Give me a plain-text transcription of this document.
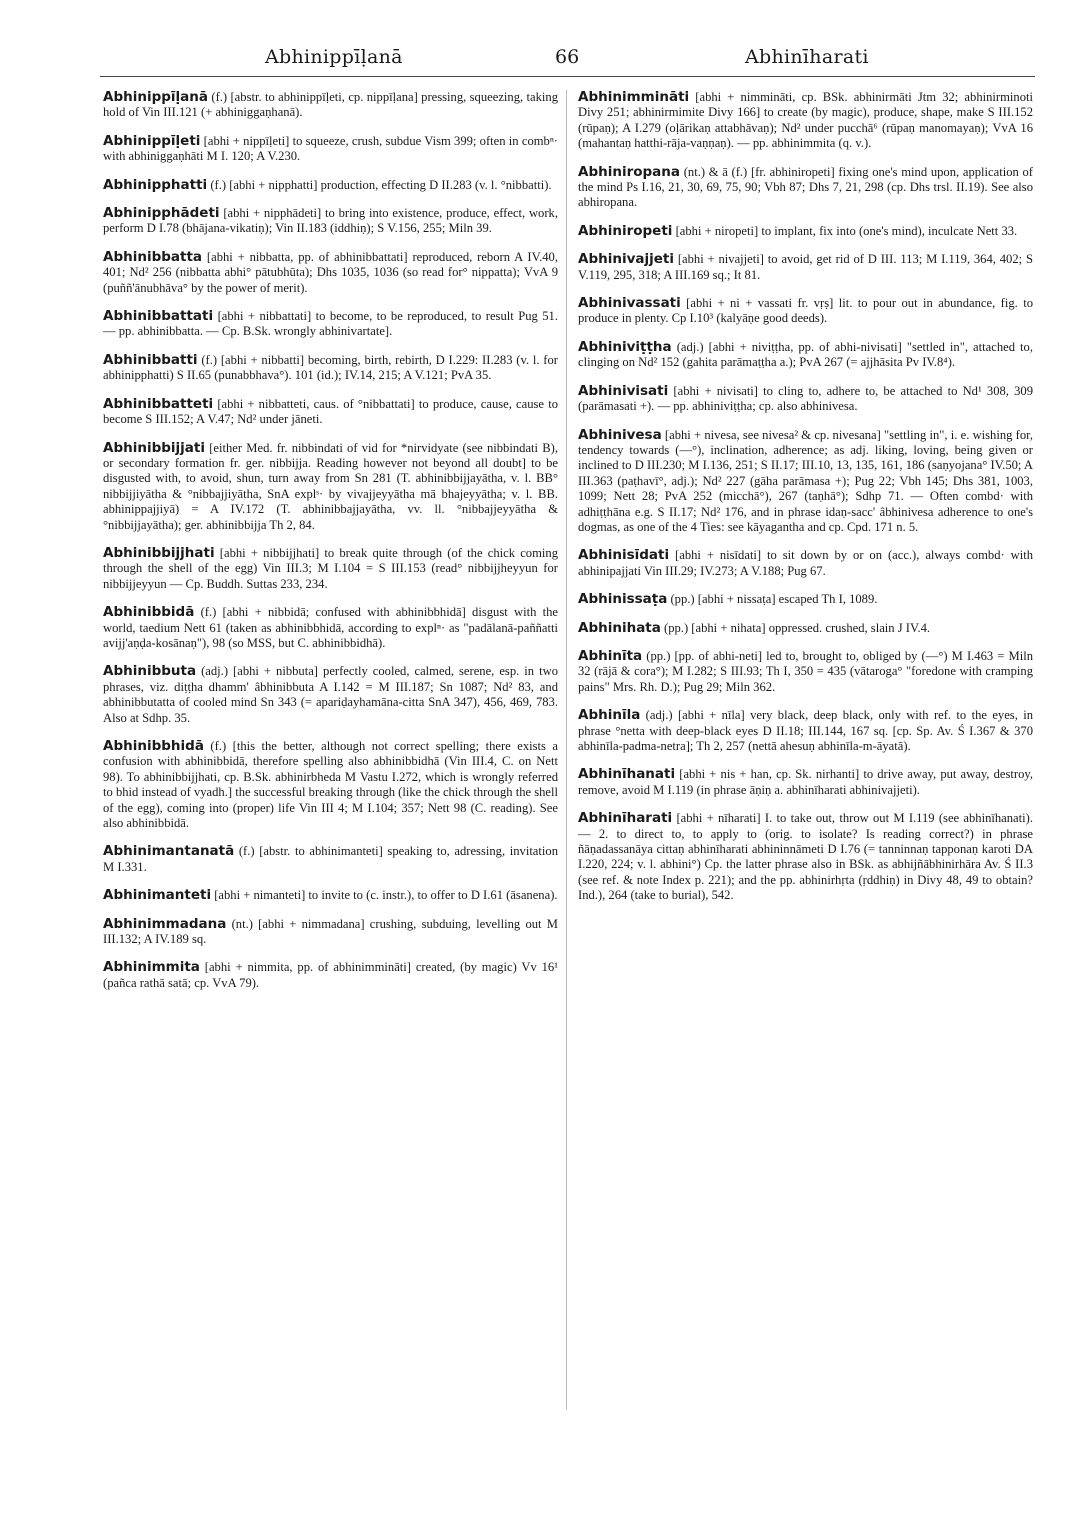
Abhinippīḷanā	66	Abhinīharati

Abhinippīḷanā (f.) [abstr. to abhinippīḷeti, cp. nippīḷana] pressing, squeezing, taking hold of Vin III.121 (+ abhiniggaṇhanā).

Abhinippīḷeti [abhi + nippīḷeti] to squeeze, crush, subdue Vism 399; often in combⁿ· with abhiniggaṇhāti M I. 120; A V.230.

Abhinipphatti (f.) [abhi + nipphatti] production, effecting D II.283 (v. l. °nibbatti).

Abhinipphādeti [abhi + nipphādeti] to bring into existence, produce, effect, work, perform D I.78 (bhājana-vikatiṇ); Vin II.183 (iddhiṇ); S V.156, 255; Miln 39.

Abhinibbatta [abhi + nibbatta, pp. of abhinibbattati] reproduced, reborn A IV.40, 401; Nd² 256 (nibbatta abhi° pātubhūta); Dhs 1035, 1036 (so read for° nippatta); VvA 9 (puññ'ānubhāva° by the power of merit).

Abhinibbattati [abhi + nibbattati] to become, to be reproduced, to result Pug 51. — pp. abhinibbatta. — Cp. B.Sk. wrongly abhinivartate].

Abhinibbatti (f.) [abhi + nibbatti] becoming, birth, rebirth, D I.229: II.283 (v. l. for abhinipphatti) S II.65 (punabbhava°). 101 (id.); IV.14, 215; A V.121; PvA 35.

Abhinibbatteti [abhi + nibbatteti, caus. of °nibbattati] to produce, cause, cause to become S III.152; A V.47; Nd² under jāneti.

Abhinibbijjati [either Med. fr. nibbindati of vid for *nirvidyate (see nibbindati B), or secondary formation fr. ger. nibbijja. Reading however not beyond all doubt] to be disgusted with, to avoid, shun, turn away from Sn 281 (T. abhinibbijjayātha, v. l. BB° nibbijjiyātha & °nibbajjiyātha, SnA explˢ· by vivajjeyyātha mā bhajeyyātha; v. l. BB. abhinippajjiyā) = A IV.172 (T. abhinibbajjayātha, vv. ll. °nibbajjeyyātha & °nibbijjayātha); ger. abhinibbijja Th 2, 84.

Abhinibbijjhati [abhi + nibbijjhati] to break quite through (of the chick coming through the shell of the egg) Vin III.3; M I.104 = S III.153 (read° nibbijjheyyun for nibbijjeyyun — Cp. Buddh. Suttas 233, 234.

Abhinibbidā (f.) [abhi + nibbidā; confused with abhinibbhidā] disgust with the world, taedium Nett 61 (taken as abhinibbhidā, according to explⁿ· as "padālanā-paññatti avijj'aṇḍa-kosānaṇ"), 98 (so MSS, but C. abhinibbidhā).

Abhinibbuta (adj.) [abhi + nibbuta] perfectly cooled, calmed, serene, esp. in two phrases, viz. diṭṭha dhamm' âbhinibbuta A I.142 = M III.187; Sn 1087; Nd² 83, and abhinibbutatta of cooled mind Sn 343 (= apariḍayhamāna-citta SnA 347), 456, 469, 783. Also at Sdhp. 35.

Abhinibbhidā (f.) [this the better, although not correct spelling; there exists a confusion with abhinibbidā, therefore spelling also abhinibbidhā (Vin III.4, C. on Nett 98). To abhinibbijjhati, cp. B.Sk. abhinirbheda M Vastu I.272, which is wrongly referred to bhid instead of vyadh.] the successful breaking through (like the chick through the shell of the egg), coming into (proper) life Vin III 4; M I.104; 357; Nett 98 (C. reading). See also abhinibbidā.

Abhinimantanatā (f.) [abstr. to abhinimanteti] speaking to, adressing, invitation M I.331.

Abhinimanteti [abhi + nimanteti] to invite to (c. instr.), to offer to D I.61 (āsanena).

Abhinimmadana (nt.) [abhi + nimmadana] crushing, subduing, levelling out M III.132; A IV.189 sq.

Abhinimmita [abhi + nimmita, pp. of abhinimmināti] created, (by magic) Vv 16¹ (pañca rathā satā; cp. VvA 79).

Abhinimmināti [abhi + nimmināti, cp. BSk. abhinirmāti Jtm 32; abhinirminoti Divy 251; abhinirmimite Divy 166] to create (by magic), produce, shape, make S III.152 (rūpaṇ); A I.279 (oḷārikaṇ attabhāvaṇ); Nd² under pucchā⁶ (rūpaṇ manomayaṇ); VvA 16 (mahantaṇ hatthi-rāja-vaṇṇaṇ). — pp. abhinimmita (q. v.).

Abhiniropana (nt.) & ā (f.) [fr. abhiniropeti] fixing one's mind upon, application of the mind Ps I.16, 21, 30, 69, 75, 90; Vbh 87; Dhs 7, 21, 298 (cp. Dhs trsl. II.19). See also abhiropana.

Abhiniropeti [abhi + niropeti] to implant, fix into (one's mind), inculcate Nett 33.

Abhinivajjeti [abhi + nivajjeti] to avoid, get rid of D III. 113; M I.119, 364, 402; S V.119, 295, 318; A III.169 sq.; It 81.

Abhinivassati [abhi + ni + vassati fr. vṛṣ] lit. to pour out in abundance, fig. to produce in plenty. Cp I.10³ (kalyāṇe good deeds).

Abhiniviṭṭha (adj.) [abhi + niviṭṭha, pp. of abhi-nivisati] "settled in", attached to, clinging on Nd² 152 (gahita parāmaṭṭha a.); PvA 267 (= ajjhāsita Pv IV.8⁴).

Abhinivisati [abhi + nivisati] to cling to, adhere to, be attached to Nd¹ 308, 309 (parāmasati +). — pp. abhiniviṭṭha; cp. also abhinivesa.

Abhinivesa [abhi + nivesa, see nivesa² & cp. nivesana] "settling in", i. e. wishing for, tendency towards (—°), inclination, adherence; as adj. liking, loving, being given or inclined to D III.230; M I.136, 251; S II.17; III.10, 13, 135, 161, 186 (saṇyojana° IV.50; A III.363 (paṭhavī°, adj.); Nd² 227 (gāha parāmasa +); Pug 22; Vbh 145; Dhs 381, 1003, 1099; Nett 28; PvA 252 (micchā°), 267 (taṇhā°); Sdhp 71. — Often combd· with adhiṭṭhāna e.g. S II.17; Nd² 176, and in phrase idaṇ-sacc' âbhinivesa adherence to one's dogmas, as one of the 4 Ties: see kāyagantha and cp. Cpd. 171 n. 5.

Abhinisīdati [abhi + nisīdati] to sit down by or on (acc.), always combd· with abhinipajjati Vin III.29; IV.273; A V.188; Pug 67.

Abhinissaṭa (pp.) [abhi + nissaṭa] escaped Th I, 1089.

Abhinihata (pp.) [abhi + nihata] oppressed. crushed, slain J IV.4.

Abhinīta (pp.) [pp. of abhi-neti] led to, brought to, obliged by (—°) M I.463 = Miln 32 (rājā & cora°); M I.282; S III.93; Th I, 350 = 435 (vātaroga° "foredone with cramping pains" Mrs. Rh. D.); Pug 29; Miln 362.

Abhinīla (adj.) [abhi + nīla] very black, deep black, only with ref. to the eyes, in phrase °netta with deep-black eyes D II.18; III.144, 167 sq. [cp. Sp. Av. Ś I.367 & 370 abhinīla-padma-netra]; Th 2, 257 (nettā ahesuṇ abhinīla-m-āyatā).

Abhinīhanati [abhi + nis + han, cp. Sk. nirhanti] to drive away, put away, destroy, remove, avoid M I.119 (in phrase āṇiṇ a. abhinīharati abhinivajjeti).

Abhinīharati [abhi + nīharati] I. to take out, throw out M I.119 (see abhinīhanati). — 2. to direct to, to apply to (orig. to isolate? Is reading correct?) in phrase ñāṇadassanāya cittaṇ abhinīharati abhininnāmeti D I.76 (= tanninnaṇ tapponaṇ karoti DA I.220, 224; v. l. abhini°) Cp. the latter phrase also in BSk. as abhijñābhinirhāra Av. Ś II.3 (see ref. & note Index p. 221); and the pp. abhinirhṛta (ṛddhiṇ) in Divy 48, 49 to obtain? Ind.), 264 (take to burial), 542.
